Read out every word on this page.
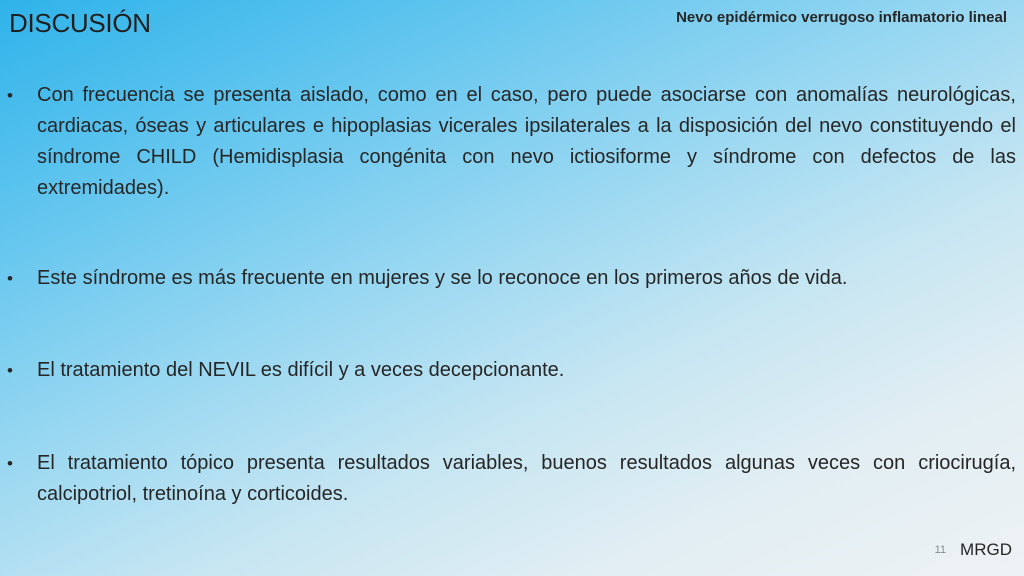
DISCUSIÓN	Nevo epidérmico verrugoso inflamatorio lineal
• Con frecuencia se presenta aislado, como en el caso, pero puede asociarse con anomalías neurológicas, cardiacas, óseas y articulares e hipoplasias vicerales ipsilaterales a la disposición del nevo constituyendo el síndrome CHILD (Hemidisplasia congénita con nevo ictiosiforme y síndrome con defectos de las extremidades).
• Este síndrome es más frecuente en mujeres y se lo reconoce en los primeros años de vida.
• El tratamiento del NEVIL es difícil y a veces decepcionante.
• El tratamiento tópico presenta resultados variables, buenos resultados algunas veces con criocirugía, calcipotriol, tretinoína y corticoides.
11 MRGD
